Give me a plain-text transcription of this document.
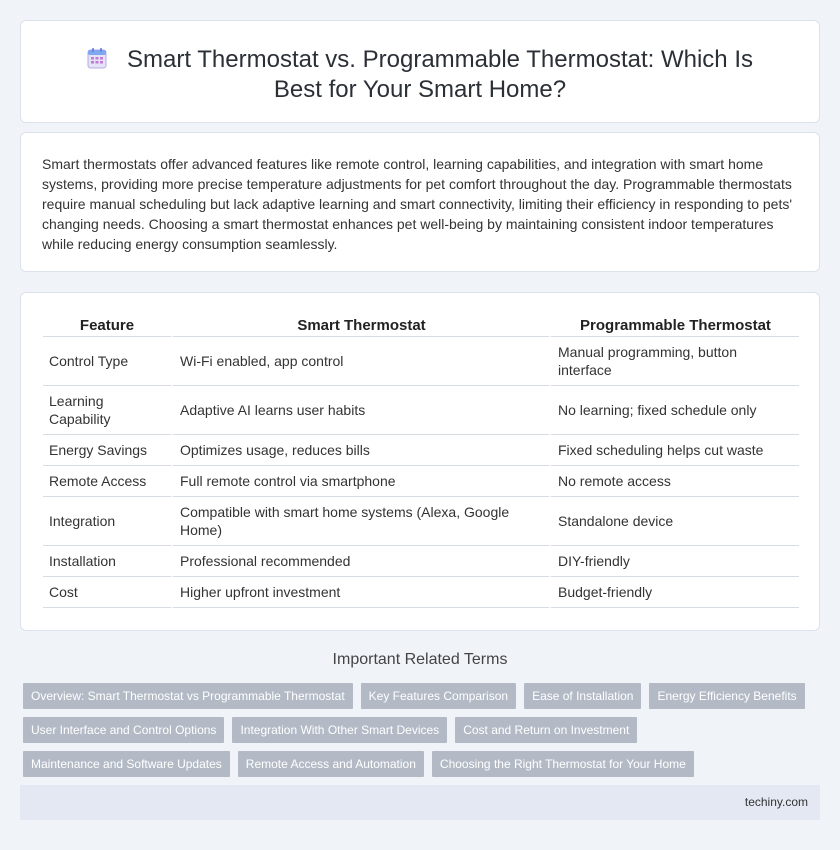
Smart Thermostat vs. Programmable Thermostat: Which Is Best for Your Smart Home?

Smart thermostats offer advanced features like remote control, learning capabilities, and integration with smart home systems, providing more precise temperature adjustments for pet comfort throughout the day. Programmable thermostats require manual scheduling but lack adaptive learning and smart connectivity, limiting their efficiency in responding to pets' changing needs. Choosing a smart thermostat enhances pet well-being by maintaining consistent indoor temperatures while reducing energy consumption seamlessly.

Feature	Smart Thermostat	Programmable Thermostat
Control Type	Wi-Fi enabled, app control	Manual programming, button interface
Learning Capability	Adaptive AI learns user habits	No learning; fixed schedule only
Energy Savings	Optimizes usage, reduces bills	Fixed scheduling helps cut waste
Remote Access	Full remote control via smartphone	No remote access
Integration	Compatible with smart home systems (Alexa, Google Home)	Standalone device
Installation	Professional recommended	DIY-friendly
Cost	Higher upfront investment	Budget-friendly
Important Related Terms
Overview: Smart Thermostat vs Programmable Thermostat	Key Features Comparison	Ease of Installation	Energy Efficiency Benefits
User Interface and Control Options	Integration With Other Smart Devices	Cost and Return on Investment
Maintenance and Software Updates	Remote Access and Automation	Choosing the Right Thermostat for Your Home
techiny.com
